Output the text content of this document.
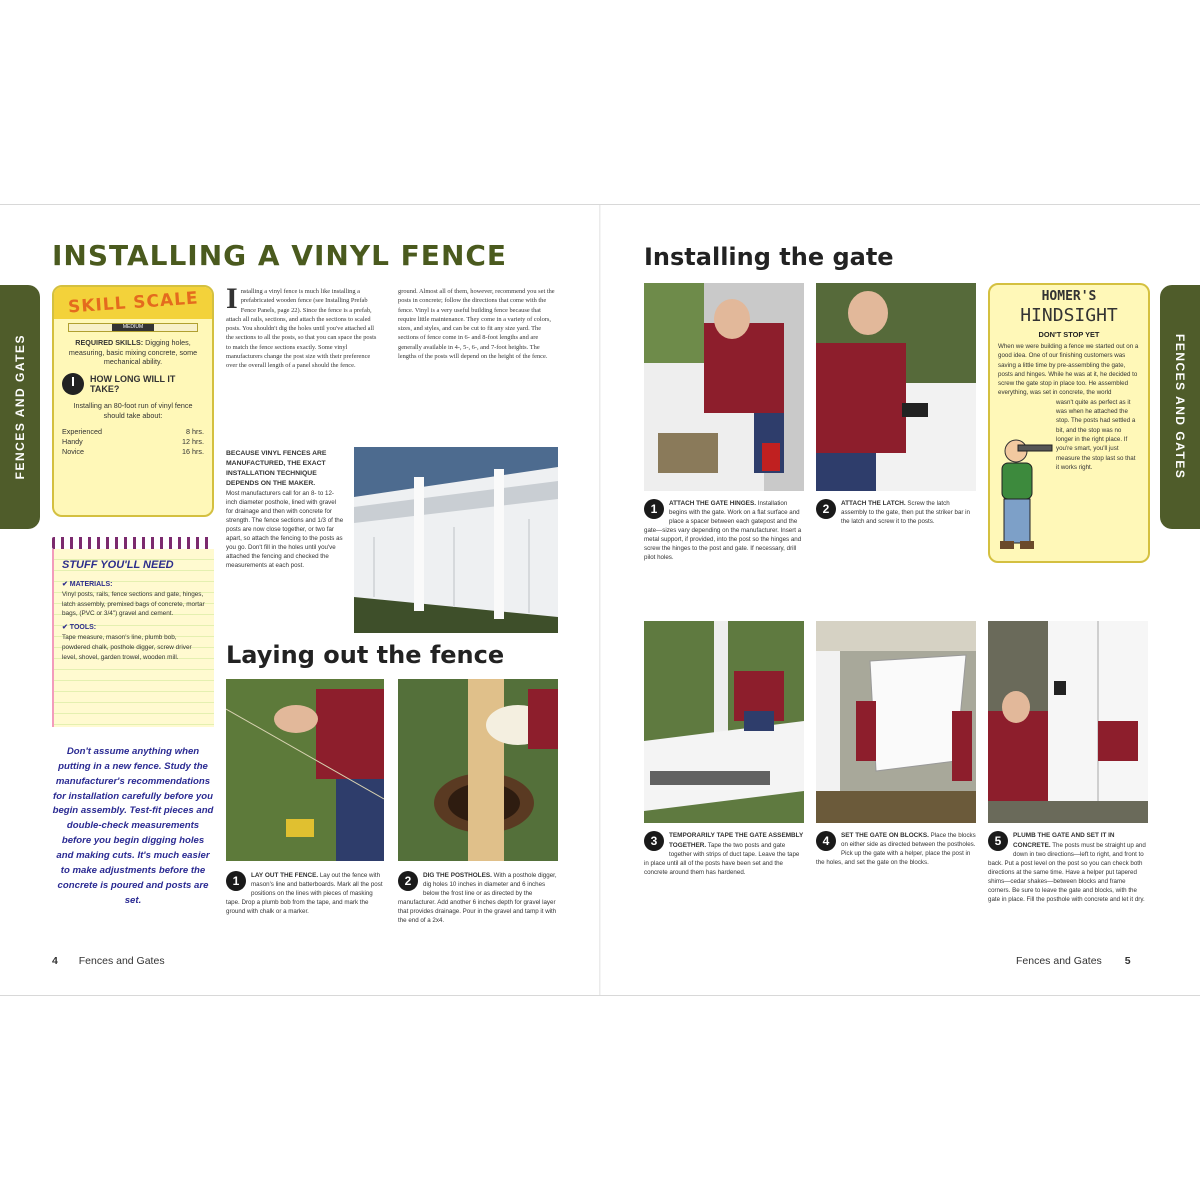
FENCES AND GATES
INSTALLING A VINYL FENCE
SKILL SCALE
MEDIUM
REQUIRED SKILLS: Digging holes, measuring, basic mixing concrete, some mechanical ability.
HOW LONG WILL IT TAKE?
Installing an 80-foot run of vinyl fence should take about:
Experienced	8 hrs.
Handy	12 hrs.
Novice	16 hrs.
STUFF YOU'LL NEED
✔ MATERIALS:
Vinyl posts, rails, fence sections and gate, hinges, latch assembly, premixed bags of concrete, mortar bags, (PVC or 3/4") gravel and cement.
✔ TOOLS:
Tape measure, mason's line, plumb bob, powdered chalk, posthole digger, screw driver level, shovel, garden trowel, wooden mill.
Don't assume anything when putting in a new fence. Study the manufacturer's recommendations for installation carefully before you begin assembly. Test-fit pieces and double-check measurements before you begin digging holes and making cuts. It's much easier to make adjustments before the concrete is poured and posts are set.
Installing a vinyl fence is much like installing a prefabricated wooden fence (see Installing Prefab Fence Panels, page 22). Since the fence is a prefab, attach all rails, sections, and attach the sections to scaled posts. You shouldn't dig the holes until you've attached all the sections to all the posts, so that you can space the posts to match the fence sections exactly. Some vinyl manufacturers change the post size with their preference over the overall length of a panel should the fence.
ground. Almost all of them, however, recommend you set the posts in concrete; follow the directions that come with the fence. Vinyl is a very useful building fence because that require little maintenance. They come in a variety of colors, sizes, and styles, and can be cut to fit any size yard. The sections of fence come in 6- and 8-foot lengths and are generally available in 4-, 5-, 6-, and 7-foot heights. The lengths of the posts will depend on the height of the fence.
BECAUSE VINYL FENCES ARE MANUFACTURED, THE EXACT INSTALLATION TECHNIQUE DEPENDS ON THE MAKER.
Most manufacturers call for an 8- to 12-inch diameter posthole, lined with gravel for drainage and then with concrete for strength. The fence sections and 1/3 of the posts are now close together, or two far apart, so attach the fencing to the posts as you go. Don't fill in the holes until you've attached the fencing and checked the measurements at each post.
Laying out the fence
1	LAY OUT THE FENCE. Lay out the fence with mason's line and batterboards. Mark all the post positions on the lines with pieces of masking tape. Drop a plumb bob from the tape, and mark the ground with chalk or a marker.
2	DIG THE POSTHOLES. With a posthole digger, dig holes 10 inches in diameter and 6 inches below the frost line or as directed by the manufacturer. Add another 6 inches depth for gravel layer that provides drainage. Pour in the gravel and tamp it with the end of a 2x4.
4 Fences and Gates
FENCES AND GATES
Installing the gate
HOMER'S
HINDSIGHT
DON'T STOP YET
When we were building a fence we started out on a good idea. One of our finishing customers was saving a little time by pre-assembling the gate, posts and hinges. While he was at it, he decided to screw the gate stop in place too. He assembled everything, was set in concrete, the world
wasn't quite as perfect as it was when he attached the stop. The posts had settled a bit, and the stop was no longer in the right place. If you're smart, you'll just measure the stop last so that it works right.
1	ATTACH THE GATE HINGES. Installation begins with the gate. Work on a flat surface and place a spacer between each gatepost and the gate—sizes vary depending on the manufacturer. Insert a metal support, if provided, into the post so the hinges and screw the hinges to the post and gate. If necessary, drill pilot holes.
2	ATTACH THE LATCH. Screw the latch assembly to the gate, then put the striker bar in the latch and screw it to the posts.
3	TEMPORARILY TAPE THE GATE ASSEMBLY TOGETHER. Tape the two posts and gate together with strips of duct tape. Leave the tape in place until all of the posts have been set and the concrete around them has hardened.
4	SET THE GATE ON BLOCKS. Place the blocks on either side as directed between the postholes. Pick up the gate with a helper, place the post in the holes, and set the gate on the blocks.
5	PLUMB THE GATE AND SET IT IN CONCRETE. The posts must be straight up and down in two directions—left to right, and front to back. Put a post level on the post so you can check both directions at the same time. Have a helper put tapered shims—cedar shakes—between blocks and frame corners. Be sure to leave the gate and blocks, with the gate in place. Fill the posthole with concrete and let it dry.
Fences and Gates 5
